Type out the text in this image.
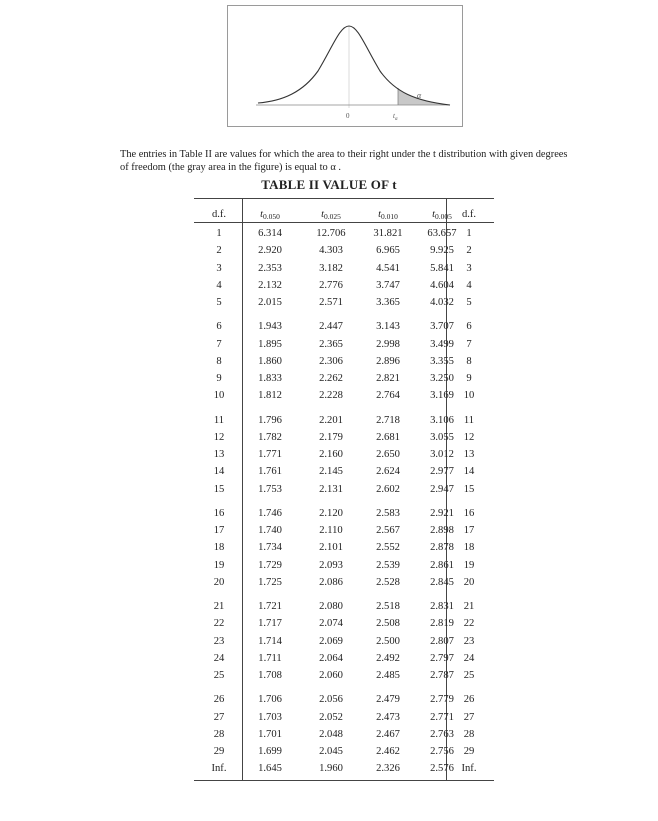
α
0	$t_\alpha$
The entries in Table II are values for which the area to their right under the t distribution with given degrees
of freedom (the gray area in the figure) is equal to α .
TABLE II VALUE OF t
d.f.	$t_{0.050}$	$t_{0.025}$	$t_{0.010}$	$t_{0.005}$ d.f.
1	6.314	12.706	31.821	63.657 1
2	2.920	4.303	6.965	9.925	2
3	2.353	3.182	4.541	5.841	3
4	2.132	2.776	3.747	4.604	4
5	2.015	2.571	3.365	4.032	5
6	1.943	2.447	3.143	3.707	6
7	1.895	2.365	2.998	3.499	7
8	1.860	2.306	2.896	3.355	8
9	1.833	2.262	2.821	3.250	9
10	1.812	2.228	2.764	3.169 10
11	1.796	2.201	2.718	3.106 11
12	1.782	2.179	2.681	3.055 12
13	1.771	2.160	2.650	3.012 13
14	1.761	2.145	2.624	2.977 14
15	1.753	2.131	2.602	2.947 15
16	1.746	2.120	2.583	2.921 16
17	1.740	2.110	2.567	2.898 17
18	1.734	2.101	2.552	2.878 18
19	1.729	2.093	2.539	2.861 19
20	1.725	2.086	2.528	2.845 20
21	1.721	2.080	2.518	2.831 21
22	1.717	2.074	2.508	2.819 22
23	1.714	2.069	2.500	2.807 23
24	1.711	2.064	2.492	2.797 24
25	1.708	2.060	2.485	2.787 25
26	1.706	2.056	2.479	2.779 26
27	1.703	2.052	2.473	2.771 27
28	1.701	2.048	2.467	2.763 28
29	1.699	2.045	2.462	2.756 29
Inf.	1.645	1.960	2.326	2.576 Inf.
